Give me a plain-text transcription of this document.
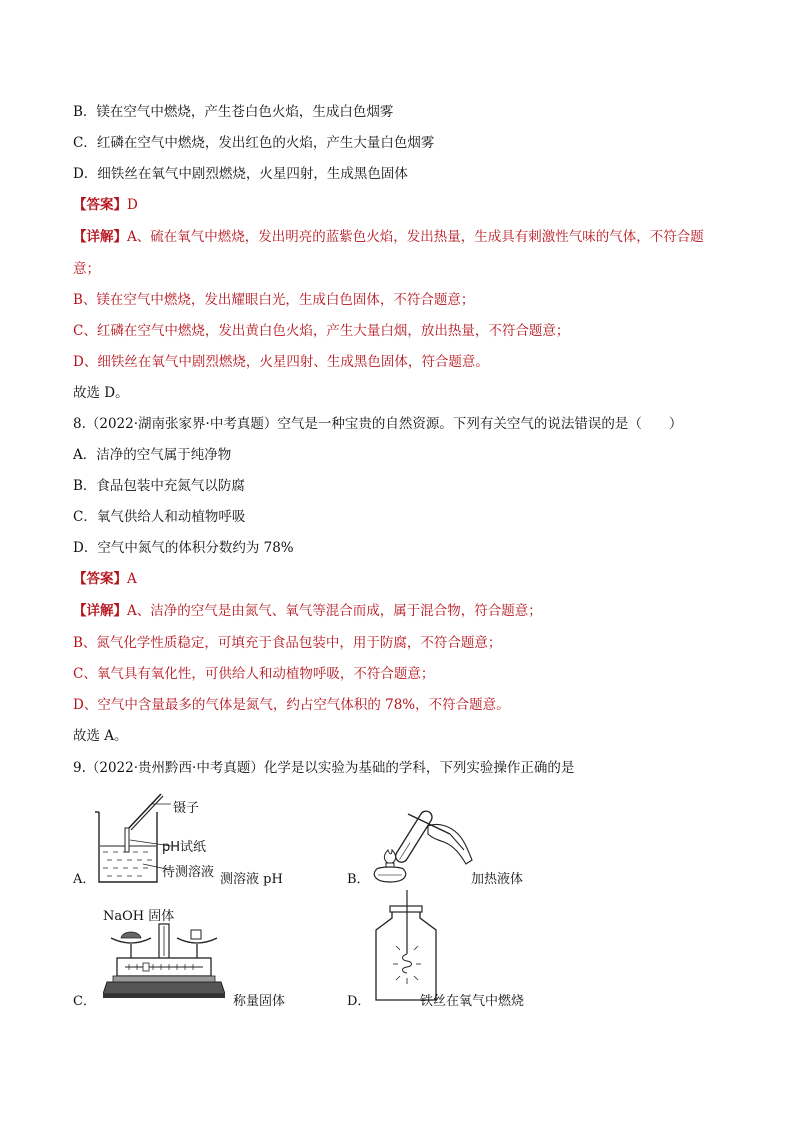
B．镁在空气中燃烧，产生苍白色火焰，生成白色烟雾
C．红磷在空气中燃烧，发出红色的火焰，产生大量白色烟雾
D．细铁丝在氧气中剧烈燃烧，火星四射，生成黑色固体
【答案】D
【详解】A、硫在氧气中燃烧，发出明亮的蓝紫色火焰，发出热量，生成具有刺激性气味的气体，不符合题
意；
B、镁在空气中燃烧，发出耀眼白光，生成白色固体，不符合题意；
C、红磷在空气中燃烧，发出黄白色火焰，产生大量白烟，放出热量，不符合题意；
D、细铁丝在氧气中剧烈燃烧，火星四射、生成黑色固体，符合题意。
故选 D。
8.（2022·湖南张家界·中考真题）空气是一种宝贵的自然资源。下列有关空气的说法错误的是（　　）
A．洁净的空气属于纯净物
B．食品包装中充氮气以防腐
C．氧气供给人和动植物呼吸
D．空气中氮气的体积分数约为 78%
【答案】A
【详解】A、洁净的空气是由氮气、氧气等混合而成，属于混合物，符合题意；
B、氮气化学性质稳定，可填充于食品包装中，用于防腐，不符合题意；
C、氧气具有氧化性，可供给人和动植物呼吸，不符合题意；
D、空气中含量最多的气体是氮气，约占空气体积的 78%，不符合题意。
故选 A。
9.（2022·贵州黔西·中考真题）化学是以实验为基础的学科，下列实验操作正确的是
A．
镊子
pH试纸
待测溶液 测溶液 pH	B．	加热液体
C．
NaOH 固体
称量固体	D．	铁丝在氧气中燃烧
